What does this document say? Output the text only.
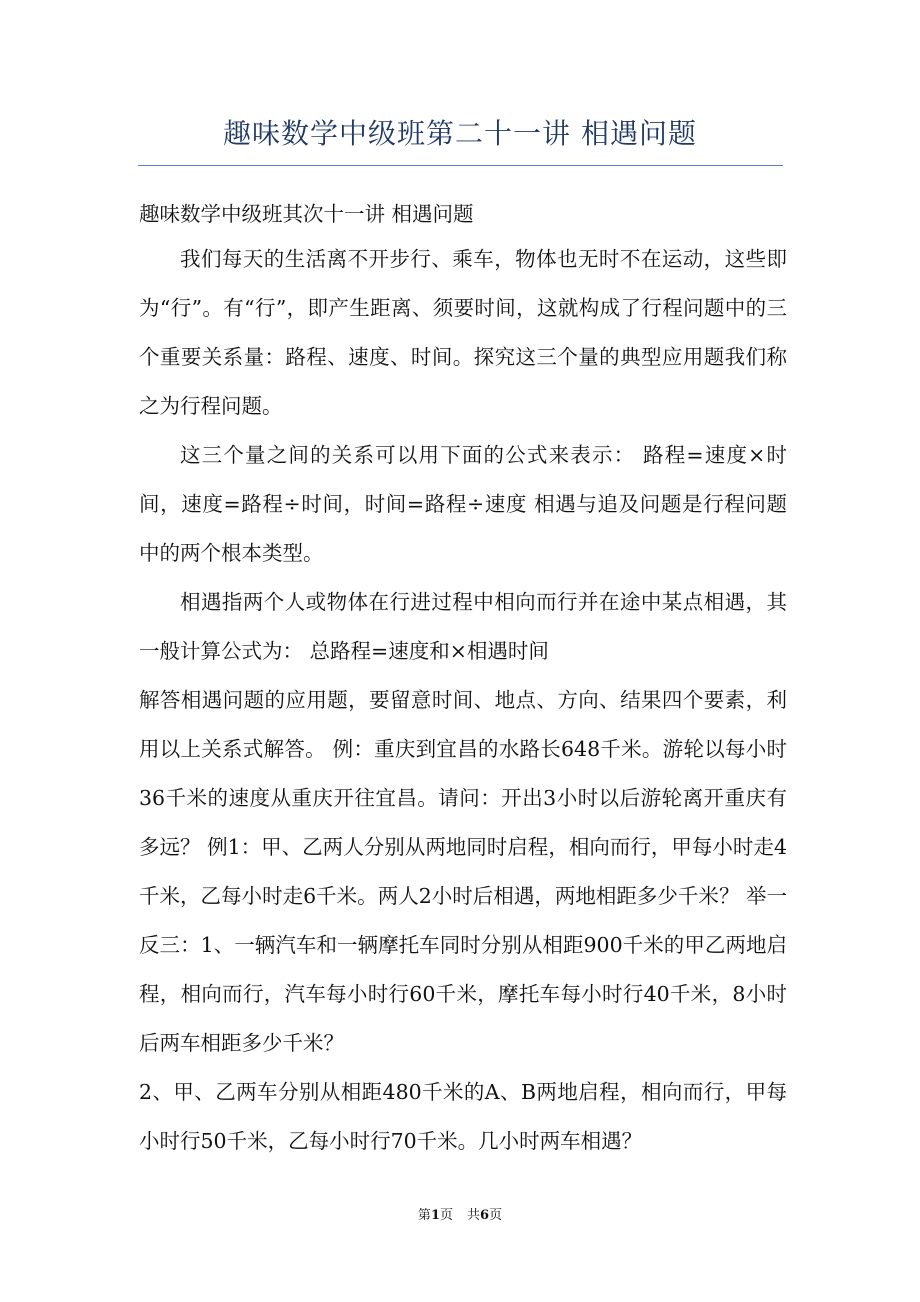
趣味数学中级班第二十一讲 相遇问题

趣味数学中级班其次十一讲 相遇问题

我们每天的生活离不开步行、乘车，物体也无时不在运动，这些即为“行”。有“行”，即产生距离、须要时间，这就构成了行程问题中的三个重要关系量：路程、速度、时间。探究这三个量的典型应用题我们称之为行程问题。

这三个量之间的关系可以用下面的公式来表示： 路程=速度×时间，速度=路程÷时间，时间=路程÷速度 相遇与追及问题是行程问题中的两个根本类型。

相遇指两个人或物体在行进过程中相向而行并在途中某点相遇，其一般计算公式为： 总路程=速度和×相遇时间

解答相遇问题的应用题，要留意时间、地点、方向、结果四个要素，利用以上关系式解答。 例：重庆到宜昌的水路长648千米。游轮以每小时36千米的速度从重庆开往宜昌。请问：开出3小时以后游轮离开重庆有多远？ 例1：甲、乙两人分别从两地同时启程，相向而行，甲每小时走4千米，乙每小时走6千米。两人2小时后相遇，两地相距多少千米？ 举一反三：1、一辆汽车和一辆摩托车同时分别从相距900千米的甲乙两地启程，相向而行，汽车每小时行60千米，摩托车每小时行40千米，8小时后两车相距多少千米？

2、甲、乙两车分别从相距480千米的A、B两地启程，相向而行，甲每小时行50千米，乙每小时行70千米。几小时两车相遇？

第1页 共6页
